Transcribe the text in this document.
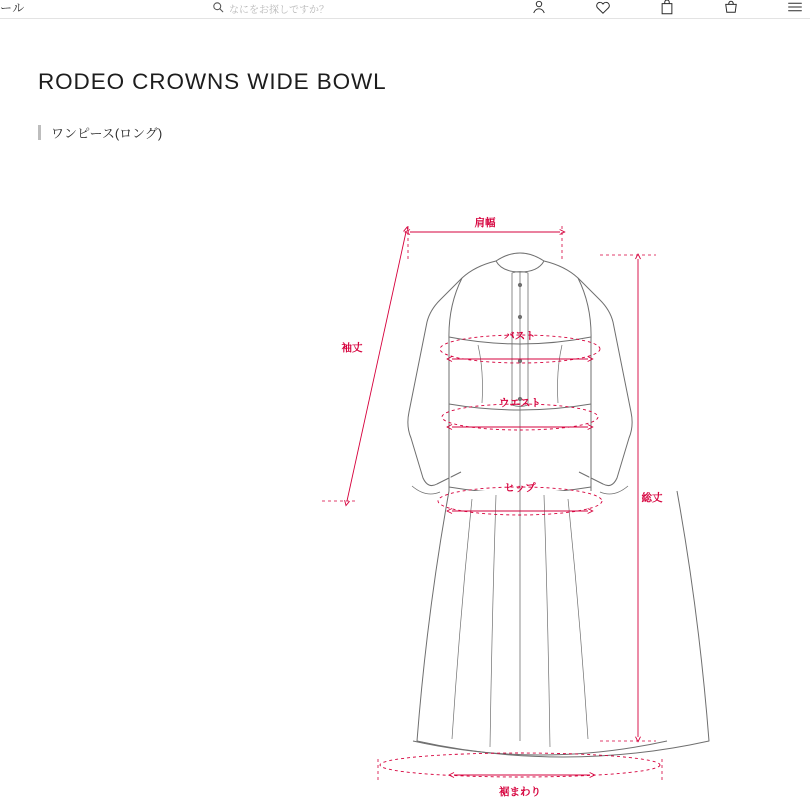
ール	なにをお探しですか？
RODEO CROWNS WIDE BOWL
ワンピース(ロング)
肩幅
袖丈
バスト
ウエスト
ヒップ
総丈
裾まわり
